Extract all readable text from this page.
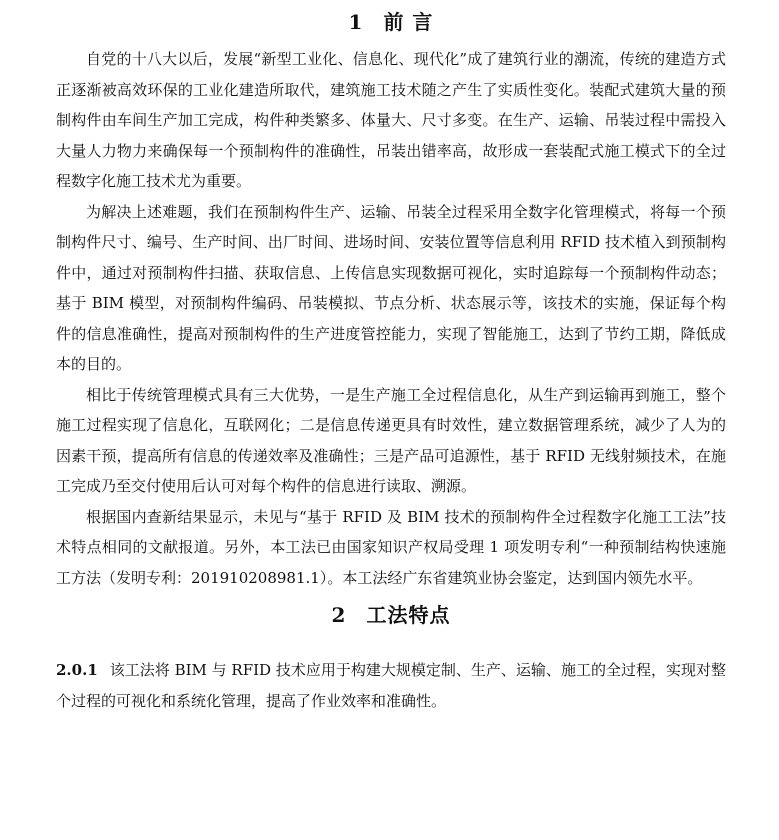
1 前 言

自党的十八大以后，发展“新型工业化、信息化、现代化”成了建筑行业的潮流，传统的建造方式正逐渐被高效环保的工业化建造所取代，建筑施工技术随之产生了实质性变化。装配式建筑大量的预制构件由车间生产加工完成，构件种类繁多、体量大、尺寸多变。在生产、运输、吊装过程中需投入大量人力物力来确保每一个预制构件的准确性，吊装出错率高，故形成一套装配式施工模式下的全过程数字化施工技术尤为重要。

为解决上述难题，我们在预制构件生产、运输、吊装全过程采用全数字化管理模式，将每一个预制构件尺寸、编号、生产时间、出厂时间、进场时间、安装位置等信息利用 RFID 技术植入到预制构件中，通过对预制构件扫描、获取信息、上传信息实现数据可视化，实时追踪每一个预制构件动态；基于 BIM 模型，对预制构件编码、吊装模拟、节点分析、状态展示等，该技术的实施，保证每个构件的信息准确性，提高对预制构件的生产进度管控能力，实现了智能施工，达到了节约工期，降低成本的目的。

相比于传统管理模式具有三大优势，一是生产施工全过程信息化，从生产到运输再到施工，整个施工过程实现了信息化，互联网化；二是信息传递更具有时效性，建立数据管理系统，减少了人为的因素干预，提高所有信息的传递效率及准确性；三是产品可追源性，基于 RFID 无线射频技术，在施工完成乃至交付使用后认可对每个构件的信息进行读取、溯源。

根据国内查新结果显示，未见与“基于 RFID 及 BIM 技术的预制构件全过程数字化施工工法”技术特点相同的文献报道。另外，本工法已由国家知识产权局受理 1 项发明专利“一种预制结构快速施工方法（发明专利：201910208981.1）。本工法经广东省建筑业协会鉴定，达到国内领先水平。

2 工法特点

2.0.1 该工法将 BIM 与 RFID 技术应用于构建大规模定制、生产、运输、施工的全过程，实现对整个过程的可视化和系统化管理，提高了作业效率和准确性。
